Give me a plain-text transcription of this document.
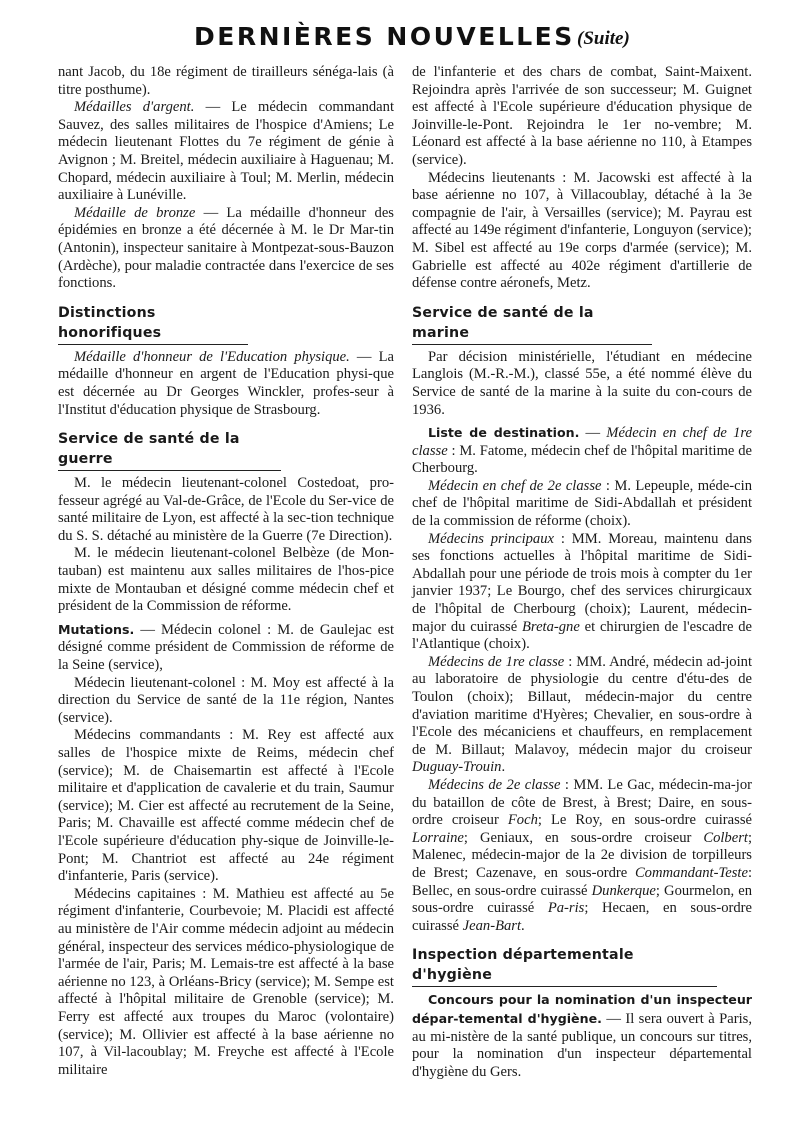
DERNIÈRES NOUVELLES (Suite)

nant Jacob, du 18e régiment de tirailleurs sénéga-lais (à titre posthume).

Médailles d'argent. — Le médecin commandant Sauvez, des salles militaires de l'hospice d'Amiens; Le médecin lieutenant Flottes du 7e régiment de génie à Avignon ; M. Breitel, médecin auxiliaire à Haguenau; M. Chopard, médecin auxiliaire à Toul; M. Merlin, médecin auxiliaire à Lunéville.

Médaille de bronze — La médaille d'honneur des épidémies en bronze a été décernée à M. le Dr Mar-tin (Antonin), inspecteur sanitaire à Montpezat-sous-Bauzon (Ardèche), pour maladie contractée dans l'exercice de ses fonctions.

Distinctions honorifiques

Médaille d'honneur de l'Education physique. — La médaille d'honneur en argent de l'Education physi-que est décernée au Dr Georges Winckler, profes-seur à l'Institut d'éducation physique de Strasbourg.

Service de santé de la guerre

M. le médecin lieutenant-colonel Costedoat, pro-fesseur agrégé au Val-de-Grâce, de l'Ecole du Ser-vice de santé militaire de Lyon, est affecté à la sec-tion technique du S. S. détaché au ministère de la Guerre (7e Direction).

M. le médecin lieutenant-colonel Belbèze (de Mon-tauban) est maintenu aux salles militaires de l'hos-pice mixte de Montauban et désigné comme médecin chef et président de la Commission de réforme.

Mutations. — Médecin colonel : M. de Gaulejac est désigné comme président de Commission de réforme de la Seine (service),

Médecin lieutenant-colonel : M. Moy est affecté à la direction du Service de santé de la 11e région, Nantes (service).

Médecins commandants : M. Rey est affecté aux salles de l'hospice mixte de Reims, médecin chef (service); M. de Chaisemartin est affecté à l'Ecole militaire et d'application de cavalerie et du train, Saumur (service); M. Cier est affecté au recrutement de la Seine, Paris; M. Chavaille est affecté comme médecin chef de l'Ecole supérieure d'éducation phy-sique de Joinville-le-Pont; M. Chantriot est affecté au 24e régiment d'infanterie, Paris (service).

Médecins capitaines : M. Mathieu est affecté au 5e régiment d'infanterie, Courbevoie; M. Placidi est affecté au ministère de l'Air comme médecin adjoint au médecin général, inspecteur des services médico-physiologique de l'armée de l'air, Paris; M. Lemais-tre est affecté à la base aérienne no 123, à Orléans-Bricy (service); M. Sempe est affecté à l'hôpital militaire de Grenoble (service); M. Ferry est affecté aux troupes du Maroc (volontaire) (service); M. Ollivier est affecté à la base aérienne no 107, à Vil-lacoublay; M. Freyche est affecté à l'Ecole militaire

de l'infanterie et des chars de combat, Saint-Maixent. Rejoindra après l'arrivée de son successeur; M. Guignet est affecté à l'Ecole supérieure d'éducation physique de Joinville-le-Pont. Rejoindra le 1er no-vembre; M. Léonard est affecté à la base aérienne no 110, à Etampes (service).

Médecins lieutenants : M. Jacowski est affecté à la base aérienne no 107, à Villacoublay, détaché à la 3e compagnie de l'air, à Versailles (service); M. Payrau est affecté au 149e régiment d'infanterie, Longuyon (service); M. Sibel est affecté au 19e corps d'armée (service); M. Gabrielle est affecté au 402e régiment d'artillerie de défense contre aéronefs, Metz.

Service de santé de la marine

Par décision ministérielle, l'étudiant en médecine Langlois (M.-R.-M.), classé 55e, a été nommé élève du Service de santé de la marine à la suite du con-cours de 1936.

Liste de destination. — Médecin en chef de 1re classe : M. Fatome, médecin chef de l'hôpital maritime de Cherbourg.

Médecin en chef de 2e classe : M. Lepeuple, méde-cin chef de l'hôpital maritime de Sidi-Abdallah et président de la commission de réforme (choix).

Médecins principaux : MM. Moreau, maintenu dans ses fonctions actuelles à l'hôpital maritime de Sidi-Abdallah pour une période de trois mois à compter du 1er janvier 1937; Le Bourgo, chef des services chirurgicaux de l'hôpital de Cherbourg (choix); Laurent, médecin-major du cuirassé Breta-gne et chirurgien de l'escadre de l'Atlantique (choix).

Médecins de 1re classe : MM. André, médecin ad-joint au laboratoire de physiologie du centre d'étu-des de Toulon (choix); Billaut, médecin-major du centre d'aviation maritime d'Hyères; Chevalier, en sous-ordre à l'Ecole des mécaniciens et chauffeurs, en remplacement de M. Billaut; Malavoy, médecin major du croiseur Duguay-Trouin.

Médecins de 2e classe : MM. Le Gac, médecin-ma-jor du bataillon de côte de Brest, à Brest; Daire, en sous-ordre croiseur Foch; Le Roy, en sous-ordre cuirassé Lorraine; Geniaux, en sous-ordre croiseur Colbert; Malenec, médecin-major de la 2e division de torpilleurs de Brest; Cazenave, en sous-ordre Commandant-Teste: Bellec, en sous-ordre cuirassé Dunkerque; Gourmelon, en sous-ordre cuirassé Pa-ris; Hecaen, en sous-ordre cuirassé Jean-Bart.

Inspection départementale d'hygiène

Concours pour la nomination d'un inspecteur dépar-temental d'hygiène. — Il sera ouvert à Paris, au mi-nistère de la santé publique, un concours sur titres, pour la nomination d'un inspecteur départemental d'hygiène du Gers.
